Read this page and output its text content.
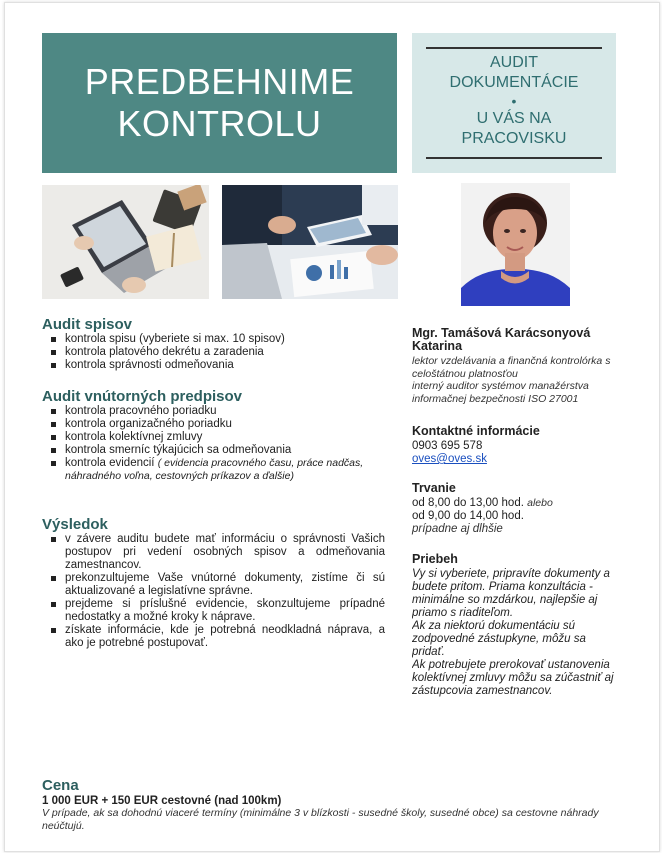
PREDBEHNIME
KONTROLU
AUDIT
DOKUMENTÁCIE
•
U VÁS NA
PRACOVISKU
Audit spisov
kontrola spisu (vyberiete si max. 10 spisov)
kontrola platového dekrétu a zaradenia
kontrola správnosti odmeňovania
Audit vnútorných predpisov
kontrola pracovného poriadku
kontrola organizačného poriadku
kontrola kolektívnej zmluvy
kontrola smerníc týkajúcich sa odmeňovania
kontrola evidencií ( evidencia pracovného času, práce nadčas, náhradného voľna, cestovných príkazov a ďalšie)
Výsledok
v závere auditu budete mať informáciu o správnosti Vašich postupov pri vedení osobných spisov a odmeňovania zamestnancov.
prekonzultujeme Vaše vnútorné dokumenty, zistíme či sú aktualizované a legislatívne správne.
prejdeme si príslušné evidencie, skonzultujeme prípadné nedostatky a možné kroky k náprave.
získate informácie, kde je potrebná neodkladná náprava, a ako je potrebné postupovať.
Mgr. Tamášová Karácsonyová Katarina
lektor vzdelávania a finančná kontrolórka s celoštátnou platnosťou
interný auditor systémov manažérstva informačnej bezpečnosti ISO 27001
Kontaktné informácie
0903 695 578
oves@oves.sk
Trvanie
od 8,00 do 13,00 hod. alebo
od 9,00 do 14,00 hod.
prípadne aj dlhšie
Priebeh
Vy si vyberiete, pripravíte dokumenty a
budete pritom. Priama konzultácia -
minimálne so mzdárkou, najlepšie aj
priamo s riaditeľom.
Ak za niektorú dokumentáciu sú
zodpovedné zástupkyne, môžu sa
pridať.
Ak potrebujete prerokovať ustanovenia
kolektívnej zmluvy môžu sa zúčastniť aj
zástupcovia zamestnancov.
Cena
1 000 EUR + 150 EUR cestovné (nad 100km)
V prípade, ak sa dohodnú viaceré termíny (minimálne 3 v blízkosti - susedné školy, susedné obce) sa cestovne náhrady neúčtujú.
